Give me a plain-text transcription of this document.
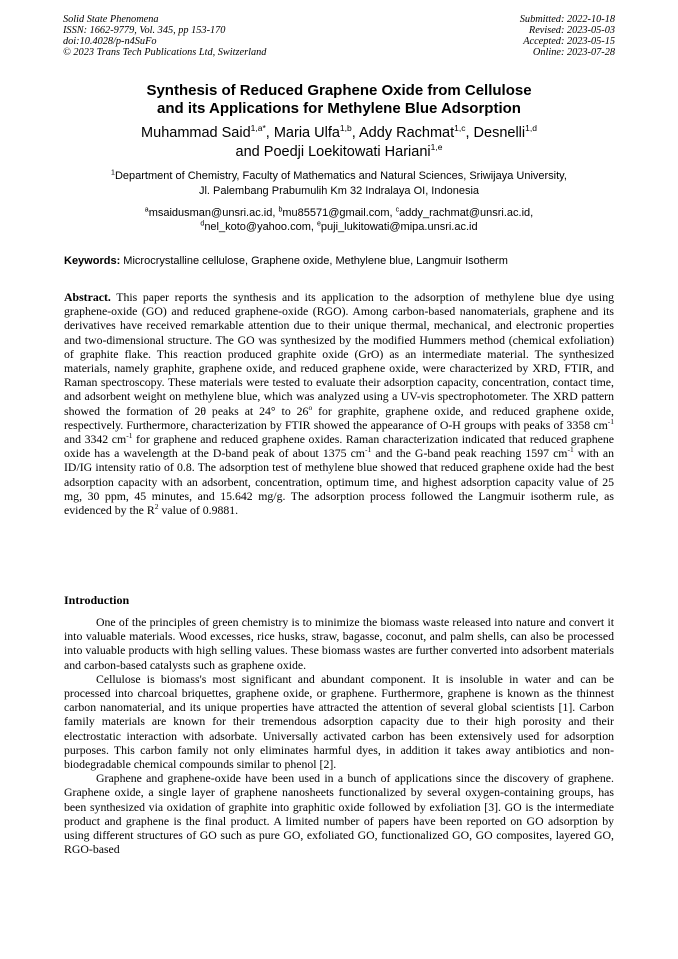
Solid State Phenomena
ISSN: 1662-9779, Vol. 345, pp 153-170
doi:10.4028/p-n4SuFo
© 2023 Trans Tech Publications Ltd, Switzerland
Submitted: 2022-10-18
Revised: 2023-05-03
Accepted: 2023-05-15
Online: 2023-07-28
Synthesis of Reduced Graphene Oxide from Cellulose
and its Applications for Methylene Blue Adsorption
Muhammad Said$^{1,a*}$, Maria Ulfa$^{1,b}$, Addy Rachmat$^{1,c}$, Desnelli$^{1,d}$
and Poedji Loekitowati Hariani$^{1,e}$
$^1$Department of Chemistry, Faculty of Mathematics and Natural Sciences, Sriwijaya University,
Jl. Palembang Prabumulih Km 32 Indralaya OI, Indonesia
$^a$msaidusman@unsri.ac.id, $^b$mu85571@gmail.com, $^c$addy_rachmat@unsri.ac.id,
$^d$nel_koto@yahoo.com, $^e$puji_lukitowati@mipa.unsri.ac.id
Keywords: Microcrystalline cellulose, Graphene oxide, Methylene blue, Langmuir Isotherm

Abstract. This paper reports the synthesis and its application to the adsorption of methylene blue dye using graphene-oxide (GO) and reduced graphene-oxide (RGO). Among carbon-based nanomaterials, graphene and its derivatives have received remarkable attention due to their unique thermal, mechanical, and electronic properties and two-dimensional structure. The GO was synthesized by the modified Hummers method (chemical exfoliation) of graphite flake. This reaction produced graphite oxide (GrO) as an intermediate material. The synthesized materials, namely graphite, graphene oxide, and reduced graphene oxide, were characterized by XRD, FTIR, and Raman spectroscopy. These materials were tested to evaluate their adsorption capacity, concentration, contact time, and adsorbent weight on methylene blue, which was analyzed using a UV-vis spectrophotometer. The XRD pattern showed the formation of 2θ peaks at 24° to 26$^o$ for graphite, graphene oxide, and reduced graphene oxide, respectively. Furthermore, characterization by FTIR showed the appearance of O-H groups with peaks of 3358 $cm^{-1}$ and 3342 $cm^{-1}$ for graphene and reduced graphene oxides. Raman characterization indicated that reduced graphene oxide has a wavelength at the D-band peak of about 1375 $cm^{-1}$ and the G-band peak reaching 1597 $cm^{-1}$ with an ID/IG intensity ratio of 0.8. The adsorption test of methylene blue showed that reduced graphene oxide had the best adsorption capacity with an adsorbent, concentration, optimum time, and highest adsorption capacity value of 25 mg, 30 ppm, 45 minutes, and 15.642 mg/g. The adsorption process followed the Langmuir isotherm rule, as evidenced by the $R^2$ value of 0.9881.

Introduction

One of the principles of green chemistry is to minimize the biomass waste released into nature and convert it into valuable materials. Wood excesses, rice husks, straw, bagasse, coconut, and palm shells, can also be processed into valuable products with high selling values. These biomass wastes are further converted into adsorbent materials and carbon-based catalysts such as graphene oxide.

Cellulose is biomass's most significant and abundant component. It is insoluble in water and can be processed into charcoal briquettes, graphene oxide, or graphene. Furthermore, graphene is known as the thinnest carbon nanomaterial, and its unique properties have attracted the attention of several global scientists [1]. Carbon family materials are known for their tremendous adsorption capacity due to their high porosity and their electrostatic interaction with adsorbate. Universally activated carbon has been extensively used for adsorption purposes. This carbon family not only eliminates harmful dyes, in addition it takes away antibiotics and non-biodegradable chemical compounds similar to phenol [2].

Graphene and graphene-oxide have been used in a bunch of applications since the discovery of graphene. Graphene oxide, a single layer of graphene nanosheets functionalized by several oxygen-containing groups, has been synthesized via oxidation of graphite into graphitic oxide followed by exfoliation [3]. GO is the intermediate product and graphene is the final product. A limited number of papers have been reported on GO adsorption by using different structures of GO such as pure GO, exfoliated GO, functionalized GO, GO composites, layered GO, RGO-based
